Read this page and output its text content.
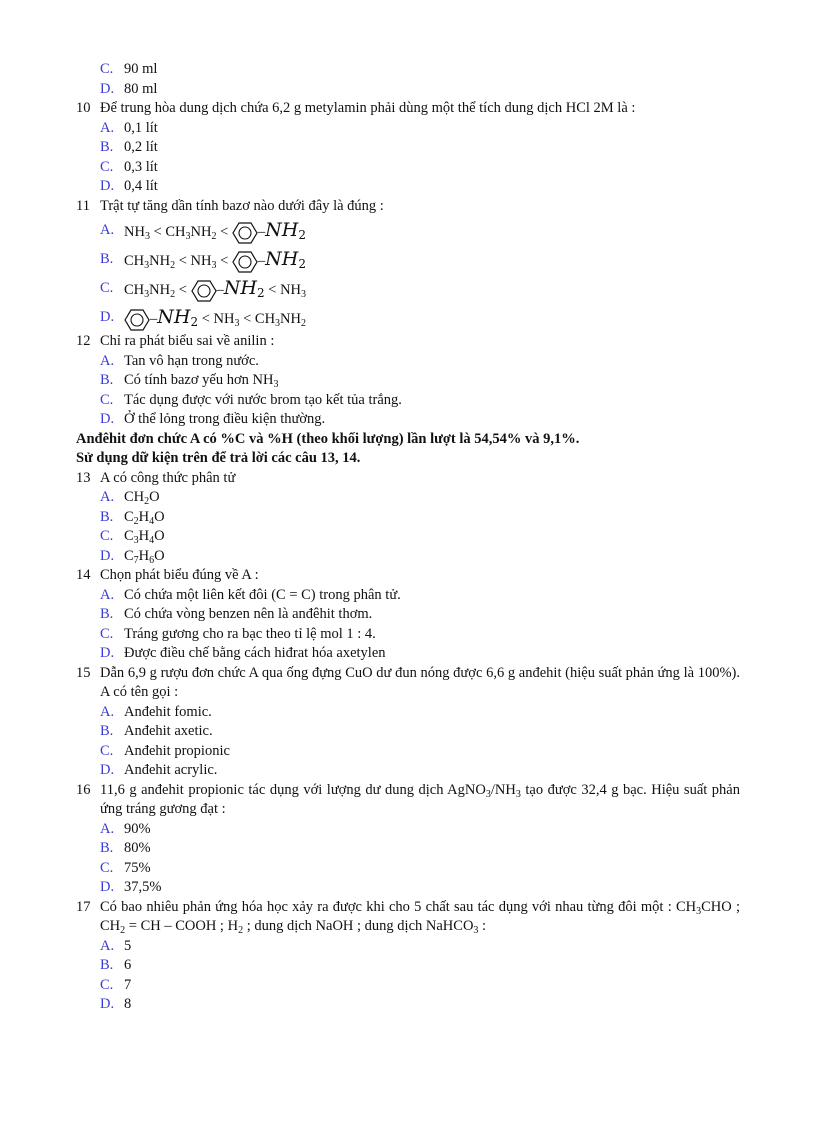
C. 90 ml
D. 80 ml
10 Để trung hòa dung dịch chứa 6,2 g metylamin phải dùng một thể tích dung dịch HCl 2M là :
A. 0,1 lít
B. 0,2 lít
C. 0,3 lít
D. 0,4 lít
11 Trật tự tăng dần tính bazơ nào dưới đây là đúng :
A. $NH_3 < CH_3NH_2 < -NH_2$
B. $CH_3NH_2 < NH_3 < -NH_2$
C. $CH_3NH_2 < -NH_2 < NH_3$
D.	$-NH_2 < NH_3 < CH_3NH_2$
12 Chỉ ra phát biểu sai về anilin :
A. Tan vô hạn trong nước.
B. Có tính bazơ yếu hơn $NH_3$
C. Tác dụng được với nước brom tạo kết tủa trắng.
D. Ở thể lỏng trong điều kiện thường.
Anđêhit đơn chức A có %C và %H (theo khối lượng) lần lượt là 54,54% và 9,1%.
Sử dụng dữ kiện trên để trả lời các câu 13, 14.
13 A có công thức phân tử
A. $CH_2O$
B. $C_2H_4O$
C. $C_3H_4O$
D. $C_7H_6O$
14 Chọn phát biểu đúng về A :
A. Có chứa một liên kết đôi (C = C) trong phân tử.
B. Có chứa vòng benzen nên là anđêhit thơm.
C. Tráng gương cho ra bạc theo tỉ lệ mol 1 : 4.
D. Được điều chế bằng cách hiđrat hóa axetylen
15 Dẫn 6,9 g rượu đơn chức A qua ống đựng CuO dư đun nóng được 6,6 g anđehit (hiệu suất phản ứng là 100%). A có tên gọi :
A. Anđehit fomic.
B. Anđehit axetic.
C. Anđehit propionic
D. Anđehit acrylic.
16 11,6 g anđehit propionic tác dụng với lượng dư dung dịch $AgNO_3/NH_3$ tạo được 32,4 g bạc. Hiệu suất phản ứng tráng gương đạt :
A. 90%
B. 80%
C. 75%
D. 37,5%
17 Có bao nhiêu phản ứng hóa học xảy ra được khi cho 5 chất sau tác dụng với nhau từng đôi một : $CH_3CHO$ ; $CH_2$ = CH – COOH ; $H_2$ ; dung dịch NaOH ; dung dịch NaHCO$_3$ :
A. 5
B. 6
C. 7
D. 8
